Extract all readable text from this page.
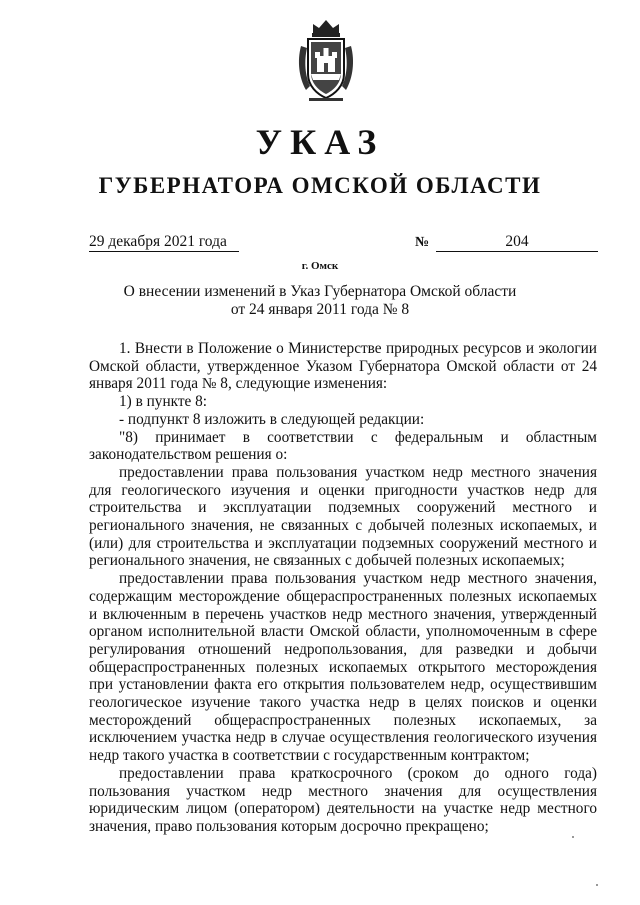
УКАЗ
ГУБЕРНАТОРА ОМСКОЙ ОБЛАСТИ
29 декабря 2021 года	№	204
г. Омск
О внесении изменений в Указ Губернатора Омской области
от 24 января 2011 года № 8

1. Внести в Положение о Министерстве природных ресурсов и экологии Омской области, утвержденное Указом Губернатора Омской области от 24 января 2011 года № 8, следующие изменения:

1) в пункте 8:

- подпункт 8 изложить в следующей редакции:

"8) принимает в соответствии с федеральным и областным законодательством решения о:

предоставлении права пользования участком недр местного значения для геологического изучения и оценки пригодности участков недр для строительства и эксплуатации подземных сооружений местного и регионального значения, не связанных с добычей полезных ископаемых, и (или) для строительства и эксплуатации подземных сооружений местного и регионального значения, не связанных с добычей полезных ископаемых;

предоставлении права пользования участком недр местного значения, содержащим месторождение общераспространенных полезных ископаемых и включенным в перечень участков недр местного значения, утвержденный органом исполнительной власти Омской области, уполномоченным в сфере регулирования отношений недропользования, для разведки и добычи общераспространенных полезных ископаемых открытого месторождения при установлении факта его открытия пользователем недр, осуществившим геологическое изучение такого участка недр в целях поисков и оценки месторождений общераспространенных полезных ископаемых, за исключением участка недр в случае осуществления геологического изучения недр такого участка в соответствии с государственным контрактом;

предоставлении права краткосрочного (сроком до одного года) пользования участком недр местного значения для осуществления юридическим лицом (оператором) деятельности на участке недр местного значения, право пользования которым досрочно прекращено;
